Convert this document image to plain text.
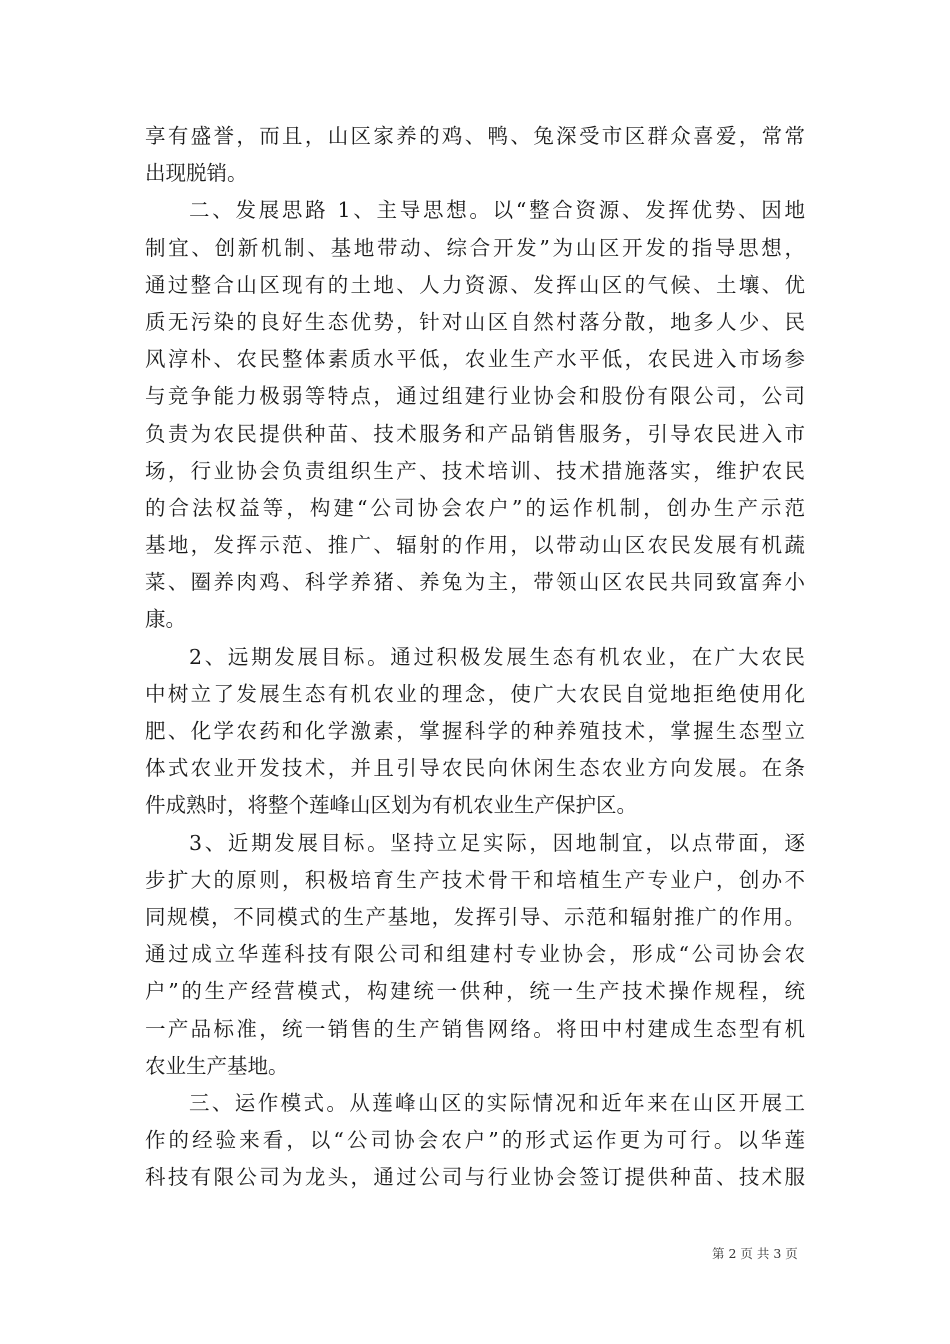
享有盛誉，而且，山区家养的鸡、鸭、兔深受市区群众喜爱，常常
出现脱销。
二、发展思路 1、主导思想。以“整合资源、发挥优势、因地
制宜、创新机制、基地带动、综合开发”为山区开发的指导思想，
通过整合山区现有的土地、人力资源、发挥山区的气候、土壤、优
质无污染的良好生态优势，针对山区自然村落分散，地多人少、民
风淳朴、农民整体素质水平低，农业生产水平低，农民进入市场参
与竞争能力极弱等特点，通过组建行业协会和股份有限公司，公司
负责为农民提供种苗、技术服务和产品销售服务，引导农民进入市
场，行业协会负责组织生产、技术培训、技术措施落实，维护农民
的合法权益等，构建“公司协会农户”的运作机制，创办生产示范
基地，发挥示范、推广、辐射的作用，以带动山区农民发展有机蔬
菜、圈养肉鸡、科学养猪、养兔为主，带领山区农民共同致富奔小
康。
2、远期发展目标。通过积极发展生态有机农业，在广大农民
中树立了发展生态有机农业的理念，使广大农民自觉地拒绝使用化
肥、化学农药和化学激素，掌握科学的种养殖技术，掌握生态型立
体式农业开发技术，并且引导农民向休闲生态农业方向发展。在条
件成熟时，将整个莲峰山区划为有机农业生产保护区。
3、近期发展目标。坚持立足实际，因地制宜，以点带面，逐
步扩大的原则，积极培育生产技术骨干和培植生产专业户，创办不
同规模，不同模式的生产基地，发挥引导、示范和辐射推广的作用。
通过成立华莲科技有限公司和组建村专业协会，形成“公司协会农
户”的生产经营模式，构建统一供种，统一生产技术操作规程，统
一产品标准，统一销售的生产销售网络。将田中村建成生态型有机
农业生产基地。
三、运作模式。从莲峰山区的实际情况和近年来在山区开展工
作的经验来看，以“公司协会农户”的形式运作更为可行。以华莲
科技有限公司为龙头，通过公司与行业协会签订提供种苗、技术服
第 2 页 共 3 页
